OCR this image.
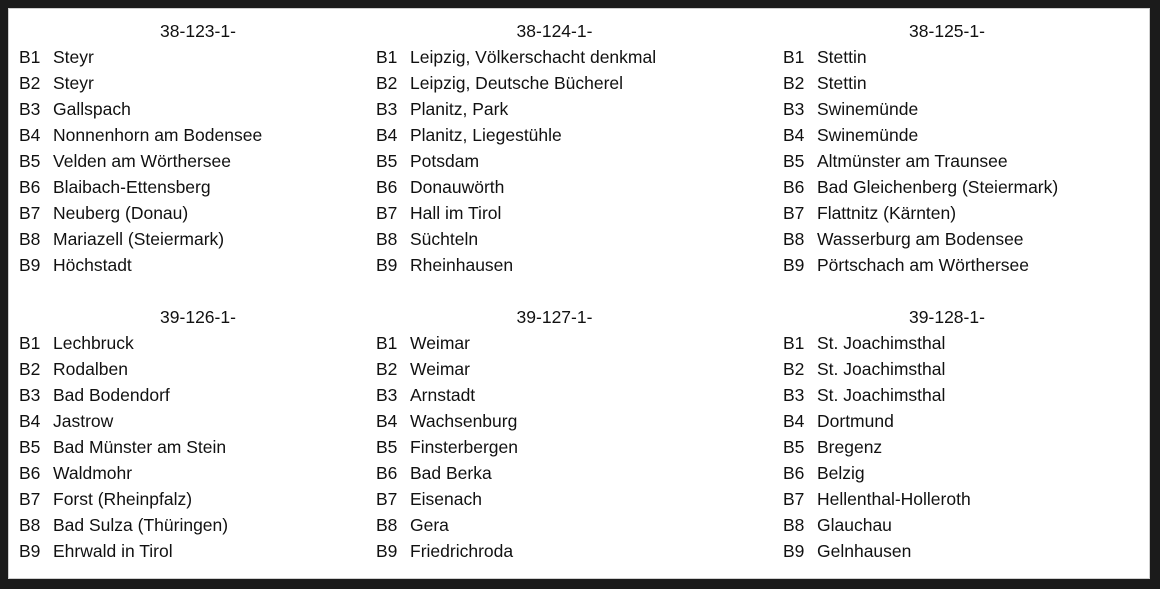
38-123-1-
B1 Steyr
B2 Steyr
B3 Gallspach
B4 Nonnenhorn am Bodensee
B5 Velden am Wörthersee
B6 Blaibach-Ettensberg
B7 Neuberg (Donau)
B8 Mariazell (Steiermark)
B9 Höchstadt
38-124-1-
B1 Leipzig, Völkerschacht denkmal
B2 Leipzig, Deutsche Bücherel
B3 Planitz, Park
B4 Planitz, Liegestühle
B5 Potsdam
B6 Donauwörth
B7 Hall im Tirol
B8 Süchteln
B9 Rheinhausen
38-125-1-
B1 Stettin
B2 Stettin
B3 Swinemünde
B4 Swinemünde
B5 Altmünster am Traunsee
B6 Bad Gleichenberg (Steiermark)
B7 Flattnitz (Kärnten)
B8 Wasserburg am Bodensee
B9 Pörtschach am Wörthersee
39-126-1-
B1 Lechbruck
B2 Rodalben
B3 Bad Bodendorf
B4 Jastrow
B5 Bad Münster am Stein
B6 Waldmohr
B7 Forst (Rheinpfalz)
B8 Bad Sulza (Thüringen)
B9 Ehrwald in Tirol
39-127-1-
B1 Weimar
B2 Weimar
B3 Arnstadt
B4 Wachsenburg
B5 Finsterbergen
B6 Bad Berka
B7 Eisenach
B8 Gera
B9 Friedrichroda
39-128-1-
B1 St. Joachimsthal
B2 St. Joachimsthal
B3 St. Joachimsthal
B4 Dortmund
B5 Bregenz
B6 Belzig
B7 Hellenthal-Holleroth
B8 Glauchau
B9 Gelnhausen
